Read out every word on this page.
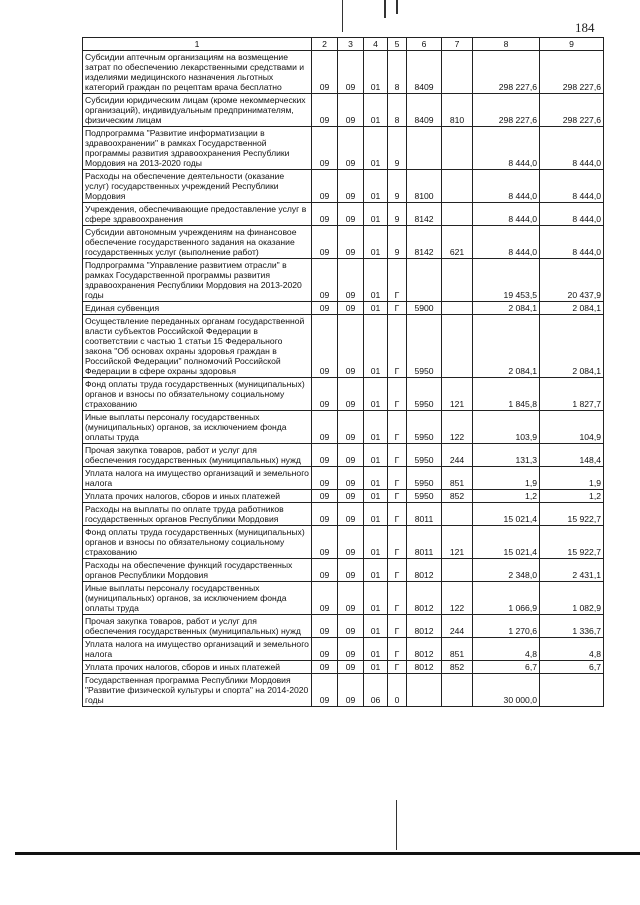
184
1	2	3	4	5	6	7	8	9
Субсидии аптечным организациям на возмещение затрат по обеспечению лекарственными средствами и изделиями медицинского назначения льготных категорий граждан по рецептам врача бесплатно	09	09	01	8	8409		298 227,6	298 227,6
Субсидии юридическим лицам (кроме некоммерческих организаций), индивидуальным предпринимателям, физическим лицам	09	09	01	8	8409	810	298 227,6	298 227,6
Подпрограмма "Развитие информатизации в здравоохранении" в рамках Государственной программы развития здравоохранения Республики Мордовия на 2013-2020 годы	09	09	01	9			8 444,0	8 444,0
Расходы на обеспечение деятельности (оказание услуг) государственных учреждений Республики Мордовия	09	09	01	9	8100		8 444,0	8 444,0
Учреждения, обеспечивающие предоставление услуг в сфере здравоохранения	09	09	01	9	8142		8 444,0	8 444,0
Субсидии автономным учреждениям на финансовое обеспечение государственного задания на оказание государственных услуг (выполнение работ)	09	09	01	9	8142	621	8 444,0	8 444,0
Подпрограмма "Управление развитием отрасли" в рамках Государственной программы развития здравоохранения Республики Мордовия на 2013-2020 годы	09	09	01	Г			19 453,5	20 437,9
Единая субвенция	09	09	01	Г	5900		2 084,1	2 084,1
Осуществление переданных органам государственной власти субъектов Российской Федерации в соответствии с частью 1 статьи 15 Федерального закона "Об основах охраны здоровья граждан в Российской Федерации" полномочий Российской Федерации в сфере охраны здоровья	09	09	01	Г	5950		2 084,1	2 084,1
Фонд оплаты труда государственных (муниципальных) органов и взносы по обязательному социальному страхованию	09	09	01	Г	5950	121	1 845,8	1 827,7
Иные выплаты персоналу государственных (муниципальных) органов, за исключением фонда оплаты труда	09	09	01	Г	5950	122	103,9	104,9
Прочая закупка товаров, работ и услуг для обеспечения государственных (муниципальных) нужд	09	09	01	Г	5950	244	131,3	148,4
Уплата налога на имущество организаций и земельного налога	09	09	01	Г	5950	851	1,9	1,9
Уплата прочих налогов, сборов и иных платежей	09	09	01	Г	5950	852	1,2	1,2
Расходы на выплаты по оплате труда работников государственных органов Республики Мордовия	09	09	01	Г	8011		15 021,4	15 922,7
Фонд оплаты труда государственных (муниципальных) органов и взносы по обязательному социальному страхованию	09	09	01	Г	8011	121	15 021,4	15 922,7
Расходы на обеспечение функций государственных органов Республики Мордовия	09	09	01	Г	8012		2 348,0	2 431,1
Иные выплаты персоналу государственных (муниципальных) органов, за исключением фонда оплаты труда	09	09	01	Г	8012	122	1 066,9	1 082,9
Прочая закупка товаров, работ и услуг для обеспечения государственных (муниципальных) нужд	09	09	01	Г	8012	244	1 270,6	1 336,7
Уплата налога на имущество организаций и земельного налога	09	09	01	Г	8012	851	4,8	4,8
Уплата прочих налогов, сборов и иных платежей	09	09	01	Г	8012	852	6,7	6,7
Государственная программа Республики Мордовия "Развитие физической культуры и спорта" на 2014-2020 годы	09	09	06	0			30 000,0	
